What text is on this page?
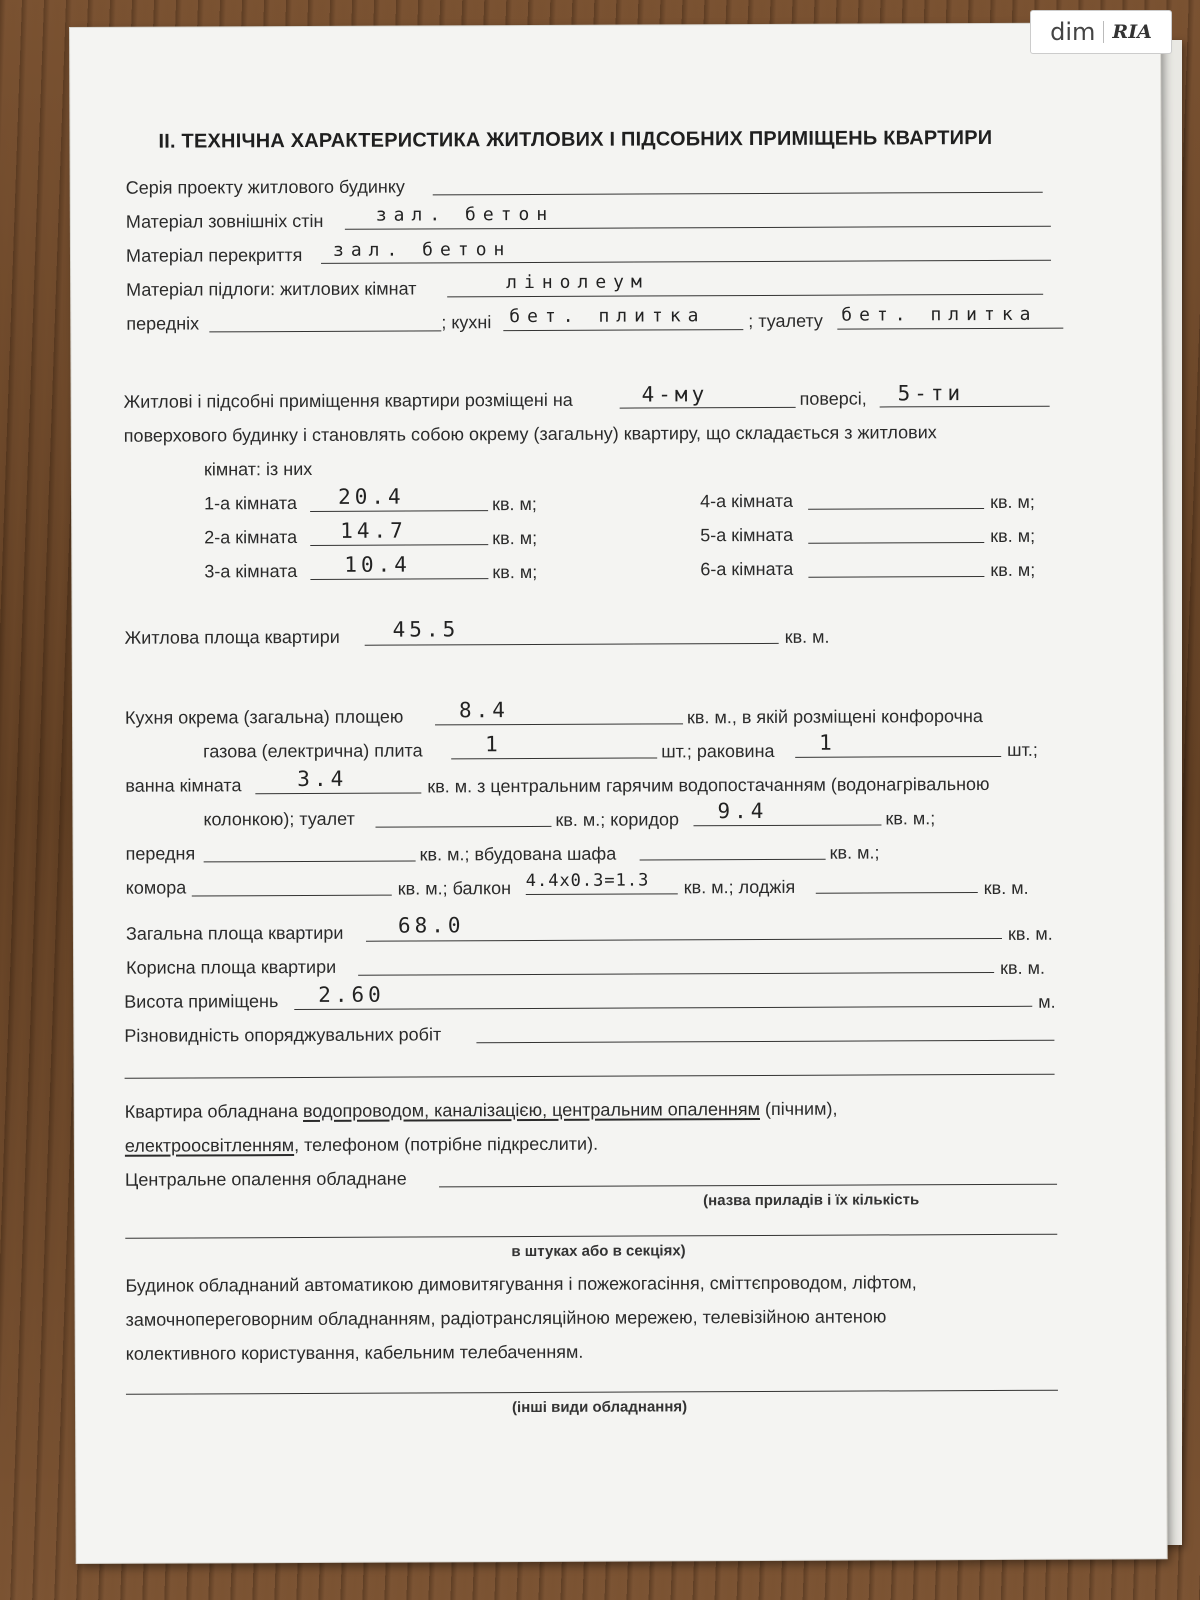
II. ТЕХНІЧНА ХАРАКТЕРИСТИКА ЖИТЛОВИХ І ПІДСОБНИХ ПРИМІЩЕНЬ КВАРТИРИ
Серія проекту житлового будинку
Матеріал зовнішніх стін	зал. бетон
Матеріал перекриття зал. бетон
Матеріал підлоги: житлових кімнат	лінолеум
передніх	; кухні бет. плитка ; туалету бет. плитка
Житлові і підсобні приміщення квартири розміщені на	4-му	поверсі, 5-ти
поверхового будинку і становлять собою окрему (загальну) квартиру, що складається з житлових
кімнат: із них
1-а кімната 20.4	кв. м;
2-а кімната 14.7	кв. м;
3-а кімната 10.4	кв. м;
4-а кімната	кв. м;
5-а кімната	кв. м;
6-а кімната	кв. м;
Житлова площа квартири	45.5	кв. м.
Кухня окрема (загальна) площею	8.4	кв. м., в якій розміщені конфорочна
газова (електрична) плита	1	шт.; раковина 1	шт.;
ванна кімната	3.4	кв. м. з центральним гарячим водопостачанням (водонагрівальною
колонкою); туалет	кв. м.; коридор 9.4	кв. м.;
передня	кв. м.; вбудована шафа	кв. м.;
комора	кв. м.; балкон 4.4х0.3=1.3 кв. м.; лоджія	кв. м.
Загальна площа квартири	68.0	кв. м.
Корисна площа квартири	кв. м.
Висота приміщень 2.60	м.
Різновидність опоряджувальних робіт
Квартира обладнана водопроводом, каналізацією, центральним опаленням (пічним),
електроосвітленням, телефоном (потрібне підкреслити).
Центральне опалення обладнане
(назва приладів і їх кількість
в штуках або в секціях)
Будинок обладнаний автоматикою димовитягування і пожежогасіння, сміттєпроводом, ліфтом,
замочнопереговорним обладнанням, радіотрансляційною мережею, телевізійною антеною
колективного користування, кабельним телебаченням.
(інші види обладнання)
dim RIA
